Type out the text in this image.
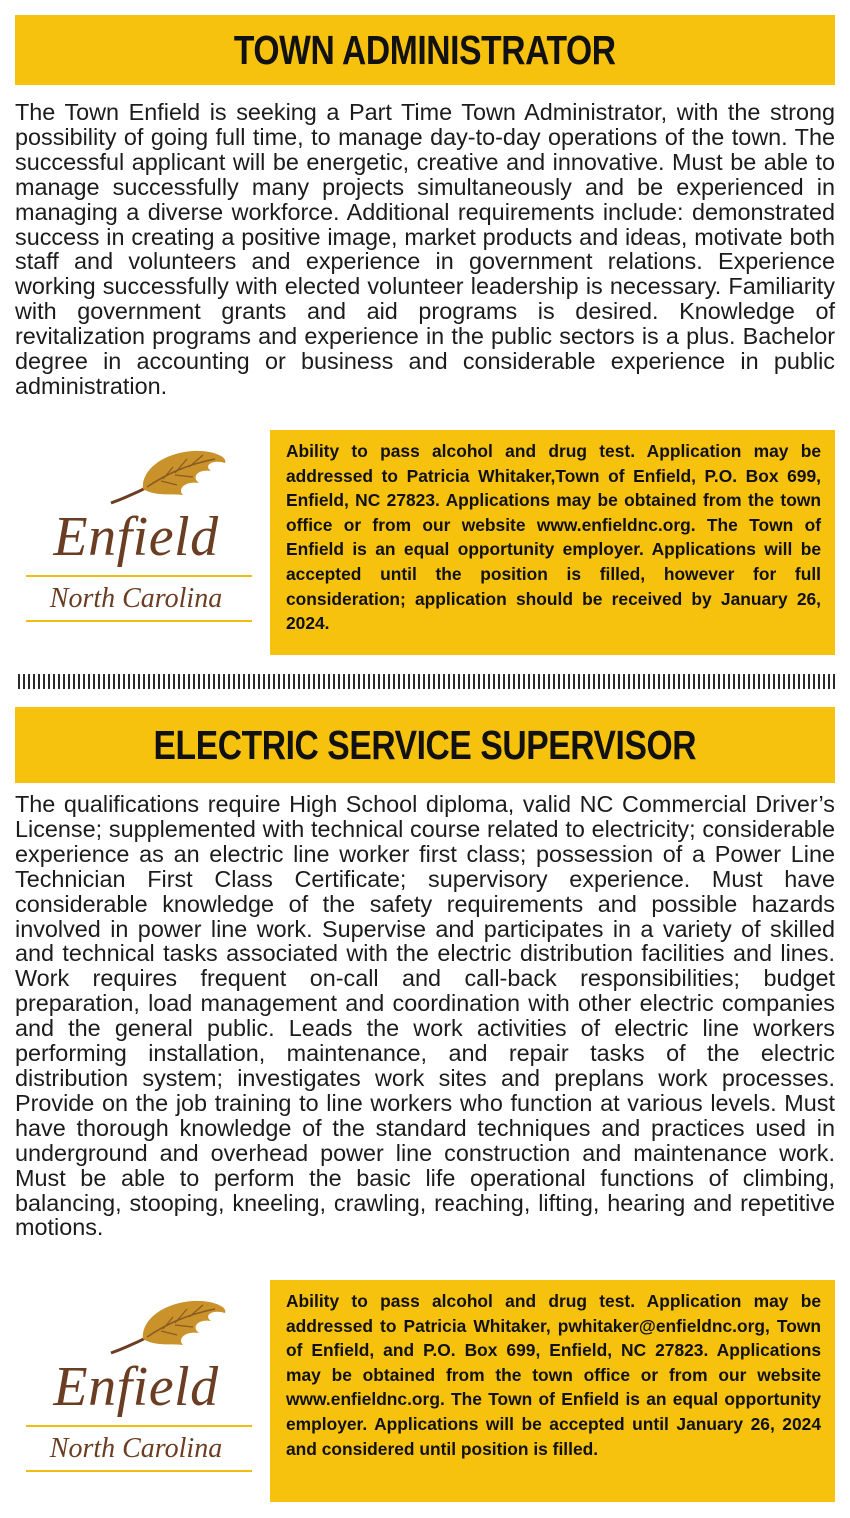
TOWN ADMINISTRATOR

The Town Enfield is seeking a Part Time Town Administrator, with the strong possibility of going full time, to manage day-to-day operations of the town. The successful applicant will be energetic, creative and innovative. Must be able to manage successfully many projects simultaneously and be experienced in managing a diverse workforce. Additional requirements include: demonstrated success in creating a positive image, market products and ideas, motivate both staff and volunteers and experience in government relations. Experience working successfully with elected volunteer leadership is necessary. Familiarity with government grants and aid programs is desired. Knowledge of revitalization programs and experience in the public sectors is a plus. Bachelor degree in accounting or business and considerable experience in public administration.

Enfield
North Carolina
Ability to pass alcohol and drug test. Application may be addressed to Patricia Whitaker,Town of Enfield, P.O. Box 699, Enfield, NC 27823. Applications may be obtained from the town office or from our website www.enfieldnc.org. The Town of Enfield is an equal opportunity employer. Applications will be accepted until the position is filled, however for full consideration; application should be received by January 26, 2024.
ELECTRIC SERVICE SUPERVISOR

The qualifications require High School diploma, valid NC Commercial Driver’s License; supplemented with technical course related to electricity; considerable experience as an electric line worker first class; possession of a Power Line Technician First Class Certificate; supervisory experience. Must have considerable knowledge of the safety requirements and possible hazards involved in power line work. Supervise and participates in a variety of skilled and technical tasks associated with the electric distribution facilities and lines. Work requires frequent on-call and call-back responsibilities; budget preparation, load management and coordination with other electric companies and the general public. Leads the work activities of electric line workers performing installation, maintenance, and repair tasks of the electric distribution system; investigates work sites and preplans work processes. Provide on the job training to line workers who function at various levels. Must have thorough knowledge of the standard techniques and practices used in underground and overhead power line construction and maintenance work. Must be able to perform the basic life operational functions of climbing, balancing, stooping, kneeling, crawling, reaching, lifting, hearing and repetitive motions.

Enfield
North Carolina
Ability to pass alcohol and drug test. Application may be addressed to Patricia Whitaker, pwhitaker@enfieldnc.org, Town of Enfield, and P.O. Box 699, Enfield, NC 27823. Applications may be obtained from the town office or from our website www.enfieldnc.org. The Town of Enfield is an equal opportunity employer. Applications will be accepted until January 26, 2024 and considered until position is filled.
